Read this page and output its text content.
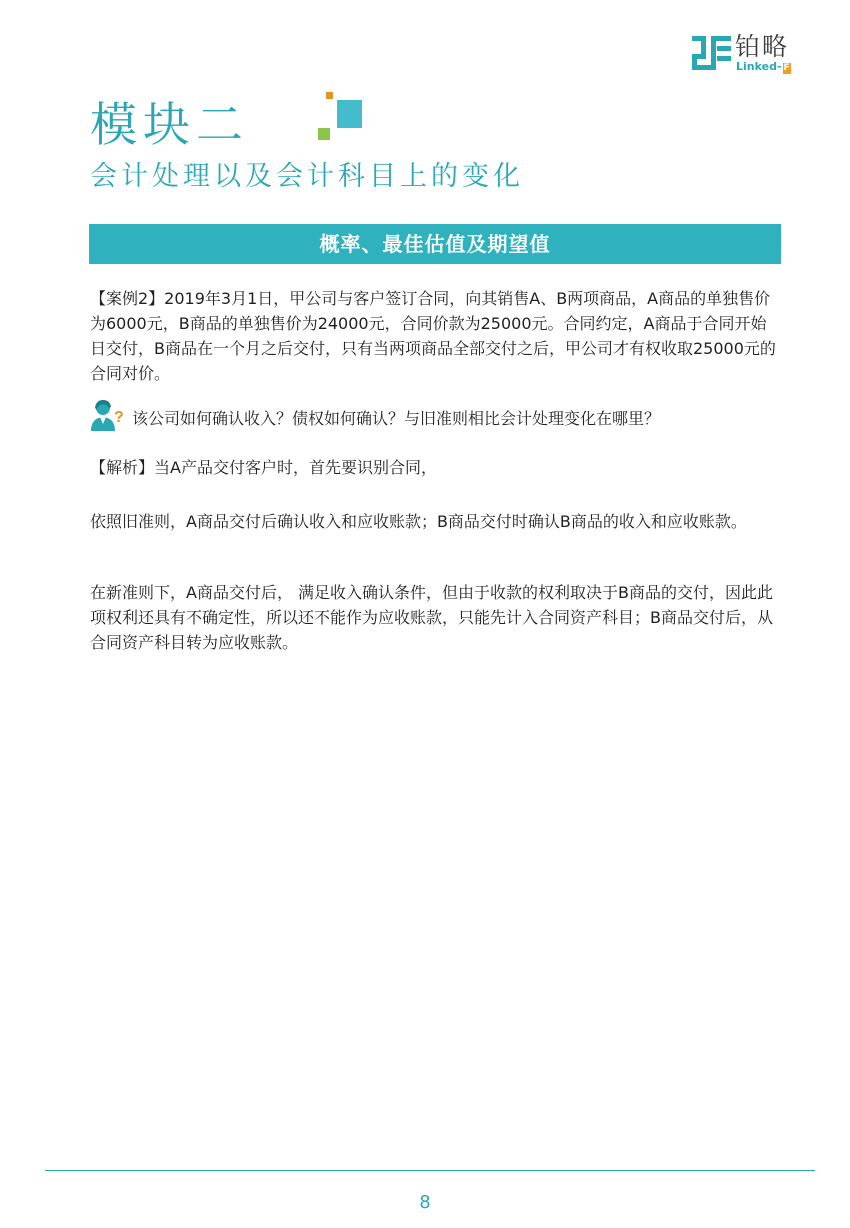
铂略
Linked- F
模块二
会计处理以及会计科目上的变化
概率、最佳估值及期望值

【案例2】2019年3月1日，甲公司与客户签订合同，向其销售A、B两项商品，A商品的单独售价为6000元，B商品的单独售价为24000元，合同价款为25000元。合同约定，A商品于合同开始日交付，B商品在一个月之后交付，只有当两项商品全部交付之后，甲公司才有权收取25000元的合同对价。

? 该公司如何确认收入？债权如何确认？与旧准则相比会计处理变化在哪里？

【解析】当A产品交付客户时，首先要识别合同，

依照旧准则，A商品交付后确认收入和应收账款；B商品交付时确认B商品的收入和应收账款。

在新准则下，A商品交付后， 满足收入确认条件，但由于收款的权利取决于B商品的交付，因此此项权利还具有不确定性，所以还不能作为应收账款，只能先计入合同资产科目；B商品交付后，从合同资产科目转为应收账款。

8
